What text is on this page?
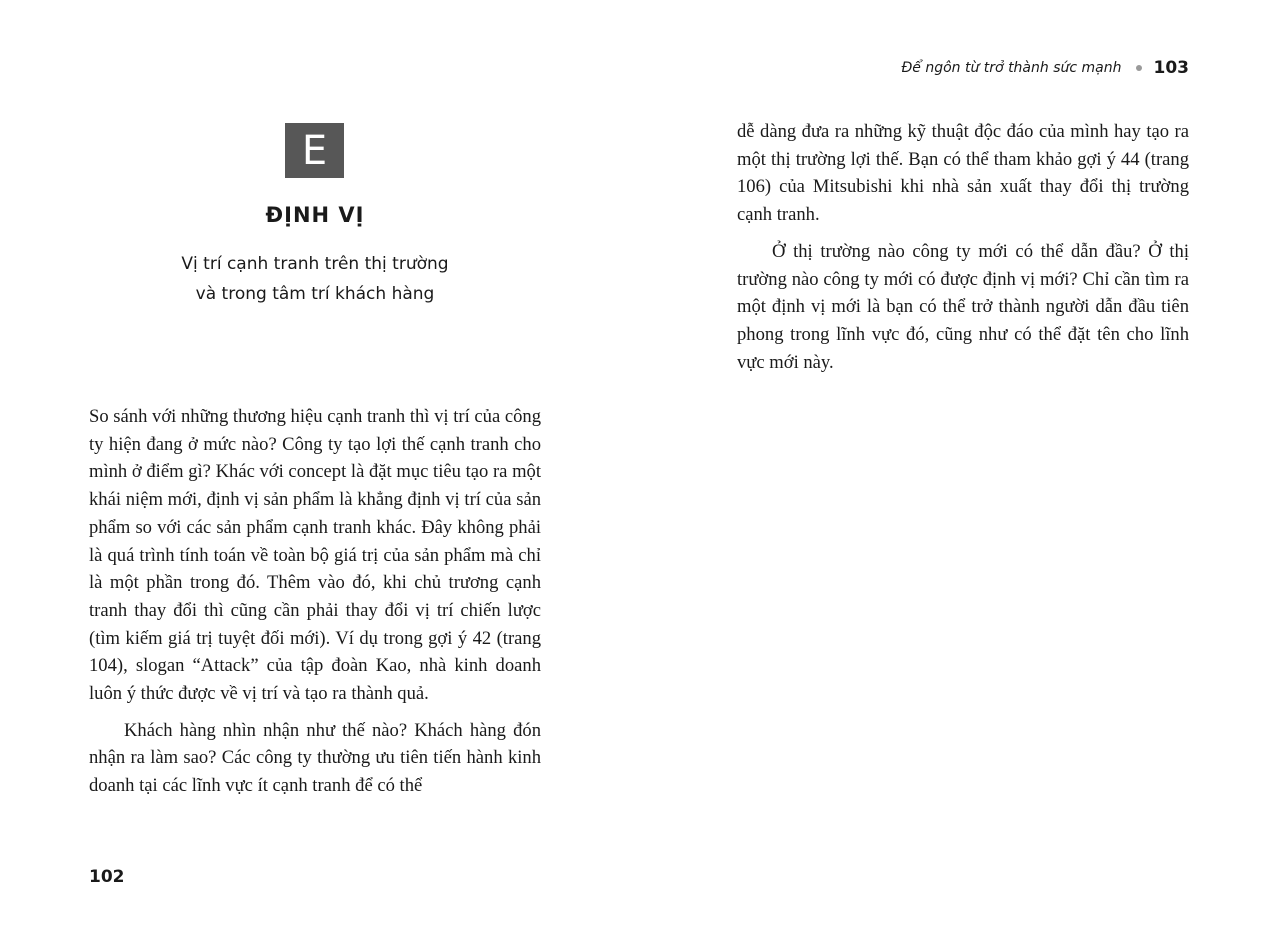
E
ĐỊNH VỊ
Vị trí cạnh tranh trên thị trường
và trong tâm trí khách hàng

So sánh với những thương hiệu cạnh tranh thì vị trí của công ty hiện đang ở mức nào? Công ty tạo lợi thế cạnh tranh cho mình ở điểm gì? Khác với concept là đặt mục tiêu tạo ra một khái niệm mới, định vị sản phẩm là khẳng định vị trí của sản phẩm so với các sản phẩm cạnh tranh khác. Đây không phải là quá trình tính toán về toàn bộ giá trị của sản phẩm mà chỉ là một phần trong đó. Thêm vào đó, khi chủ trương cạnh tranh thay đổi thì cũng cần phải thay đổi vị trí chiến lược (tìm kiếm giá trị tuyệt đối mới). Ví dụ trong gợi ý 42 (trang 104), slogan “Attack” của tập đoàn Kao, nhà kinh doanh luôn ý thức được về vị trí và tạo ra thành quả.

Khách hàng nhìn nhận như thế nào? Khách hàng đón nhận ra làm sao? Các công ty thường ưu tiên tiến hành kinh doanh tại các lĩnh vực ít cạnh tranh để có thể

102
Để ngôn từ trở thành sức mạnh 103

dễ dàng đưa ra những kỹ thuật độc đáo của mình hay tạo ra một thị trường lợi thế. Bạn có thể tham khảo gợi ý 44 (trang 106) của Mitsubishi khi nhà sản xuất thay đổi thị trường cạnh tranh.

Ở thị trường nào công ty mới có thể dẫn đầu? Ở thị trường nào công ty mới có được định vị mới? Chỉ cần tìm ra một định vị mới là bạn có thể trở thành người dẫn đầu tiên phong trong lĩnh vực đó, cũng như có thể đặt tên cho lĩnh vực mới này.
